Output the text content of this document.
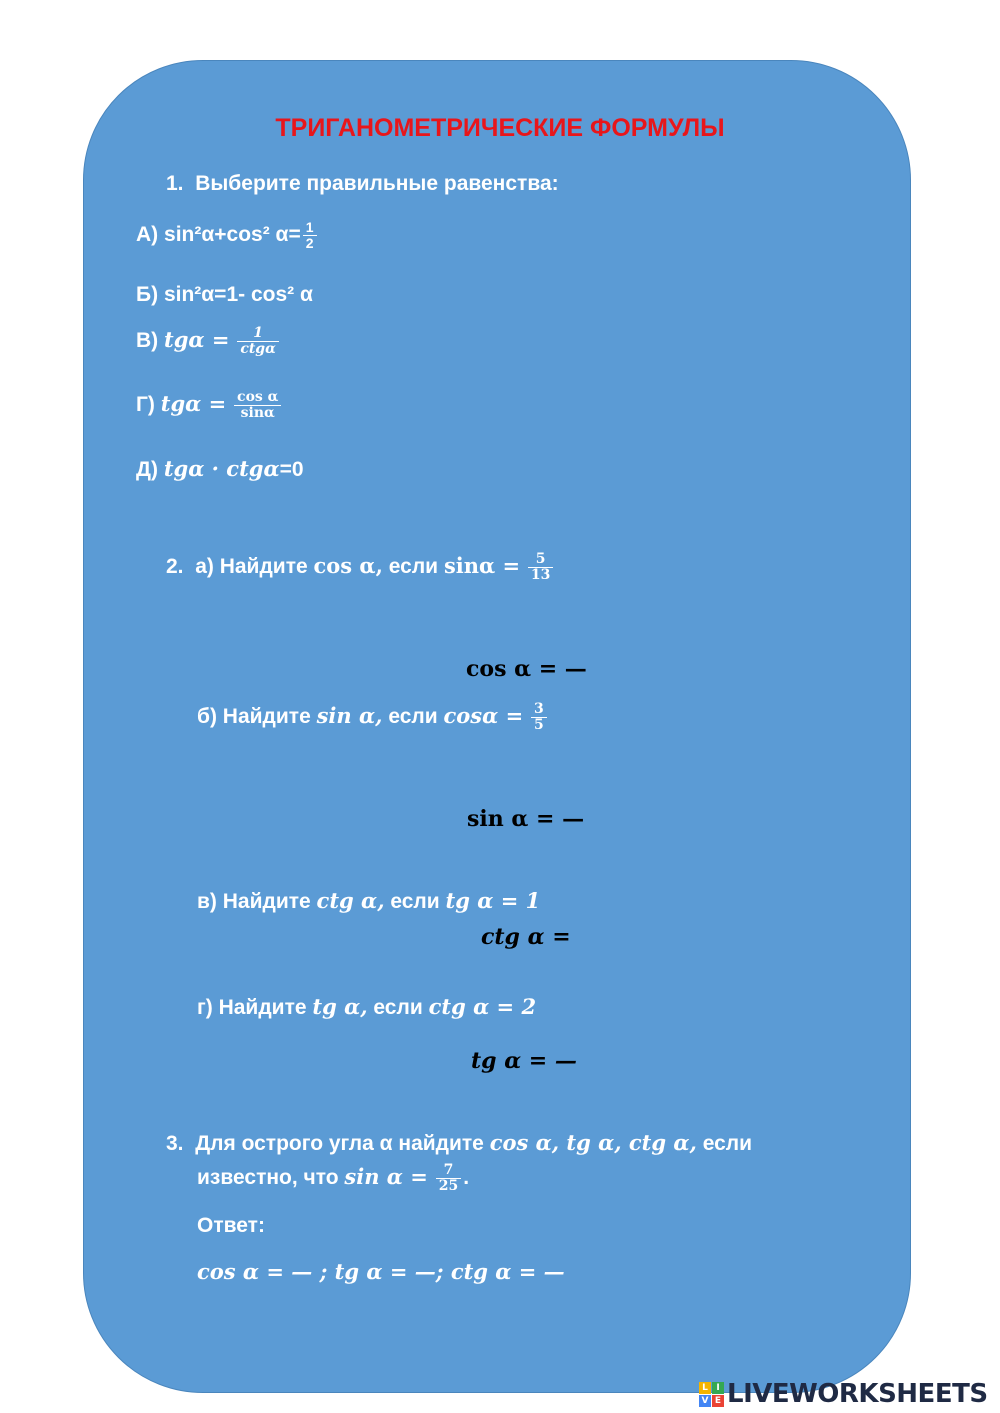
ТРИГАНОМЕТРИЧЕСКИЕ ФОРМУЛЫ
1. Выберите правильные равенства:
А) sin²α+cos² $\alpha= \frac{1}{2}$
Б) sin²α=1- cos² α
В) $tg\alpha = \frac{1}{\text{ctgα}}$
Г) $tg\alpha = \frac{\text{cos α}}{\sin\alpha}$
Д) tgα · ctgα=0
2. а) Найдите cos α, если $\sin\alpha = \frac{5}{13}$
cos α = —
б) Найдите sin α, если $\cos\alpha = \frac{3}{5}$
sin α = —
в) Найдите ctg α, если tg α = 1
ctg α =
г) Найдите tg α, если ctg α = 2
tg α = —
3. Для острого угла α найдите cos α, tg α, ctg α, если
известно, что $\sin \alpha = \frac{7}{25}$ .
Ответ:
cos α = — ; tg α = —; ctg α = —
L I
V E LIVEWORKSHEETS
